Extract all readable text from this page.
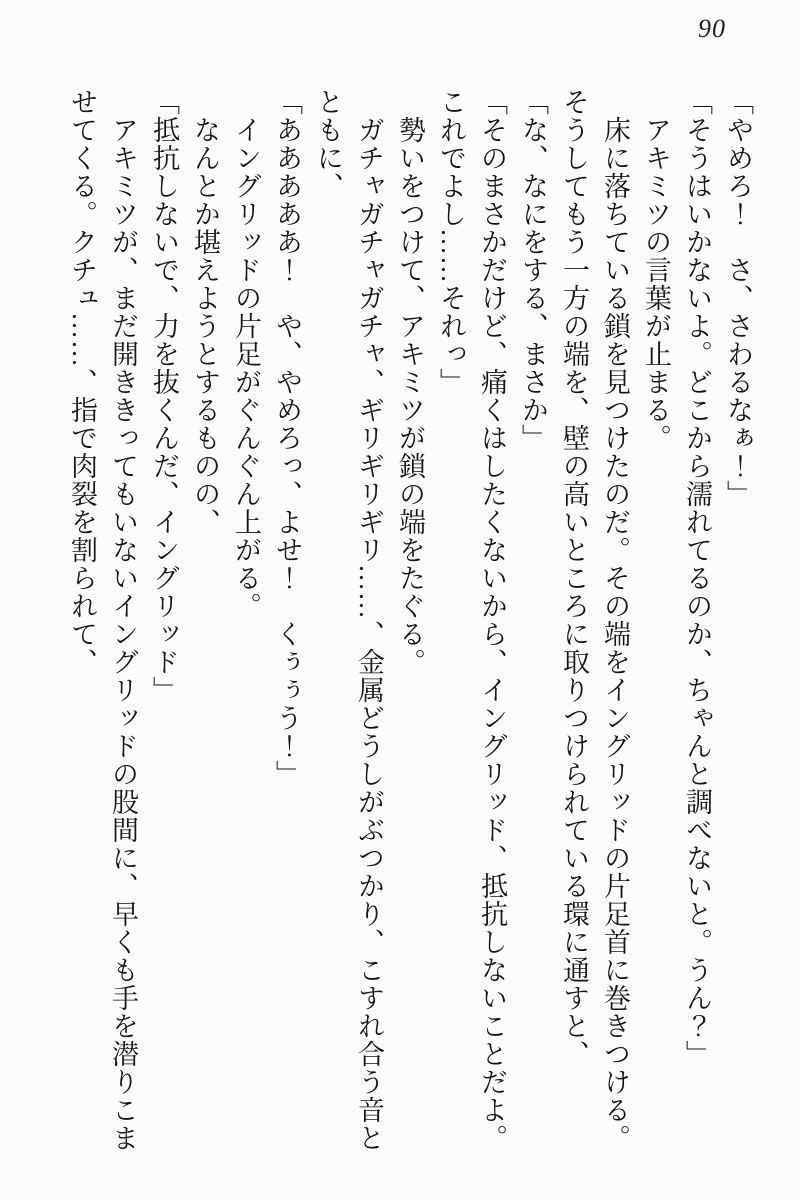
90
「やめろ！　さ、さわるなぁ！」
「そうはいかないよ。どこから濡れてるのか、ちゃんと調べないと。うん？」
アキミツの言葉が止まる。
床に落ちている鎖を見つけたのだ。その端をイングリッドの片足首に巻きつける。
そうしてもう一方の端を、壁の高いところに取りつけられている環に通すと、
「な、なにをする、まさか」
「そのまさかだけど、痛くはしたくないから、イングリッド、抵抗しないことだよ。
これでよし……それっ」
勢いをつけて、アキミツが鎖の端をたぐる。
ガチャガチャガチャ、ギリギリギリ……、金属どうしがぶつかり、こすれ合う音と
ともに、
「あああああ！　や、やめろっ、よせ！　くぅぅう！」
イングリッドの片足がぐんぐん上がる。
なんとか堪えようとするものの、
「抵抗しないで、力を抜くんだ、イングリッド」
アキミツが、まだ開ききってもいないイングリッドの股間に、早くも手を潜りこま
せてくる。クチュ……、指で肉裂を割られて、
